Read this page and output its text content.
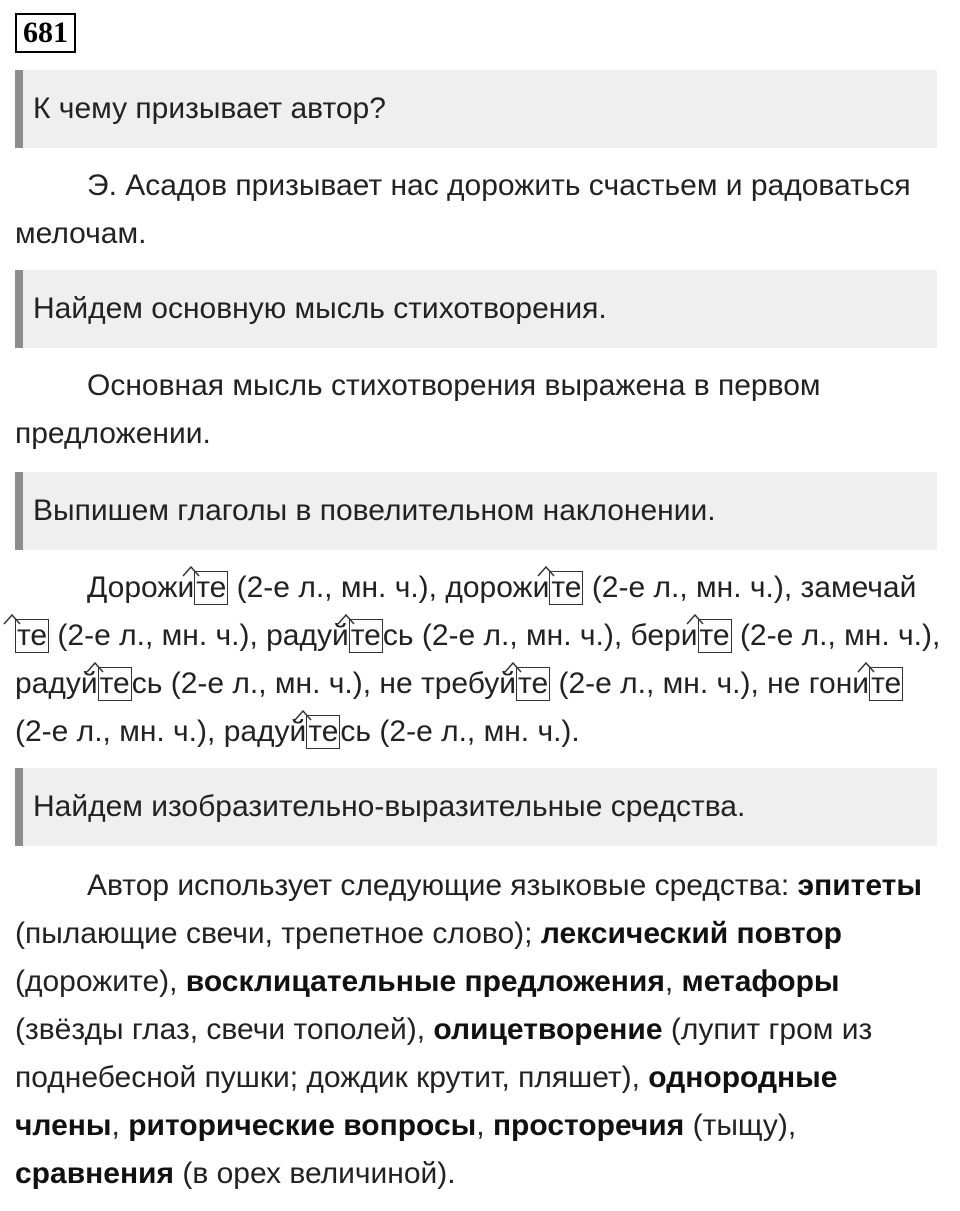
681
К чему призывает автор?
Э. Асадов призывает нас дорожить счастьем и радоваться мелочам.
Найдем основную мысль стихотворения.
Основная мысль стихотворения выражена в первом предложении.
Выпишем глаголы в повелительном наклонении.
Дорожи
те (2-е л., мн. ч.), дорожи
те (2-е л., мн. ч.), замечай
те (2-е л., мн. ч.), радуй
тесь (2-е л., мн. ч.), бери
те (2-е л., мн. ч.), радуй
тесь (2-е л., мн. ч.), не требуй
те (2-е л., мн. ч.), не гони
те (2-е л., мн. ч.), радуй
тесь (2-е л., мн. ч.).
Найдем изобразительно-выразительные средства.
Автор использует следующие языковые средства: эпитеты (пылающие свечи, трепетное слово); лексический повтор (дорожите), восклицательные предложения, метафоры (звёзды глаз, свечи тополей), олицетворение (лупит гром из поднебесной пушки; дождик крутит, пляшет), однородные члены, риторические вопросы, просторечия (тыщу), сравнения (в орех величиной).
